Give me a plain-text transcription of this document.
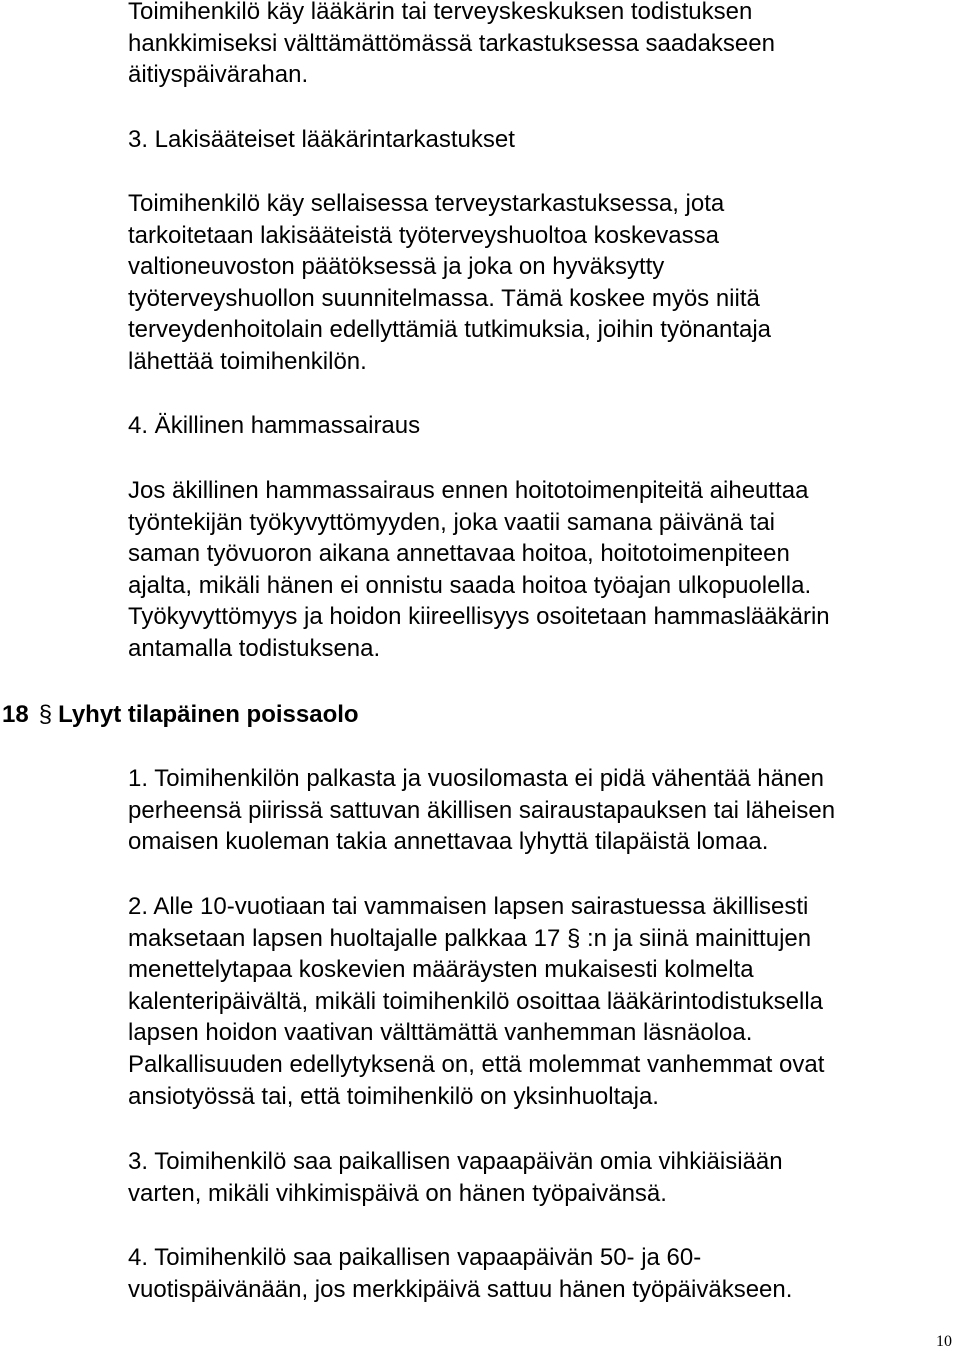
Toimihenkilö käy lääkärin tai terveyskeskuksen todistuksen
hankkimiseksi välttämättömässä tarkastuksessa saadakseen
äitiyspäivärahan.

3. Lakisääteiset lääkärintarkastukset

Toimihenkilö käy sellaisessa terveystarkastuksessa, jota
tarkoitetaan lakisääteistä työterveyshuoltoa koskevassa
valtioneuvoston päätöksessä ja joka on hyväksytty
työterveyshuollon suunnitelmassa. Tämä koskee myös niitä
terveydenhoitolain edellyttämiä tutkimuksia, joihin työnantaja
lähettää toimihenkilön.

4. Äkillinen hammassairaus

Jos äkillinen hammassairaus ennen hoitotoimenpiteitä aiheuttaa
työntekijän työkyvyttömyyden, joka vaatii samana päivänä tai
saman työvuoron aikana annettavaa hoitoa, hoitotoimenpiteen
ajalta, mikäli hänen ei onnistu saada hoitoa työajan ulkopuolella.
Työkyvyttömyys ja hoidon kiireellisyys osoitetaan hammaslääkärin
antamalla todistuksena.

18 § Lyhyt tilapäinen poissaolo

1. Toimihenkilön palkasta ja vuosilomasta ei pidä vähentää hänen
perheensä piirissä sattuvan äkillisen sairaustapauksen tai läheisen
omaisen kuoleman takia annettavaa lyhyttä tilapäistä lomaa.

2. Alle 10-vuotiaan tai vammaisen lapsen sairastuessa äkillisesti
maksetaan lapsen huoltajalle palkkaa 17 § :n ja siinä mainittujen
menettelytapaa koskevien määräysten mukaisesti kolmelta
kalenteripäivältä, mikäli toimihenkilö osoittaa lääkärintodistuksella
lapsen hoidon vaativan välttämättä vanhemman läsnäoloa.
Palkallisuuden edellytyksenä on, että molemmat vanhemmat ovat
ansiotyössä tai, että toimihenkilö on yksinhuoltaja.

3. Toimihenkilö saa paikallisen vapaapäivän omia vihkiäisiään
varten, mikäli vihkimispäivä on hänen työpaivänsä.

4. Toimihenkilö saa paikallisen vapaapäivän 50- ja 60-
vuotispäivänään, jos merkkipäivä sattuu hänen työpäiväkseen.

10
